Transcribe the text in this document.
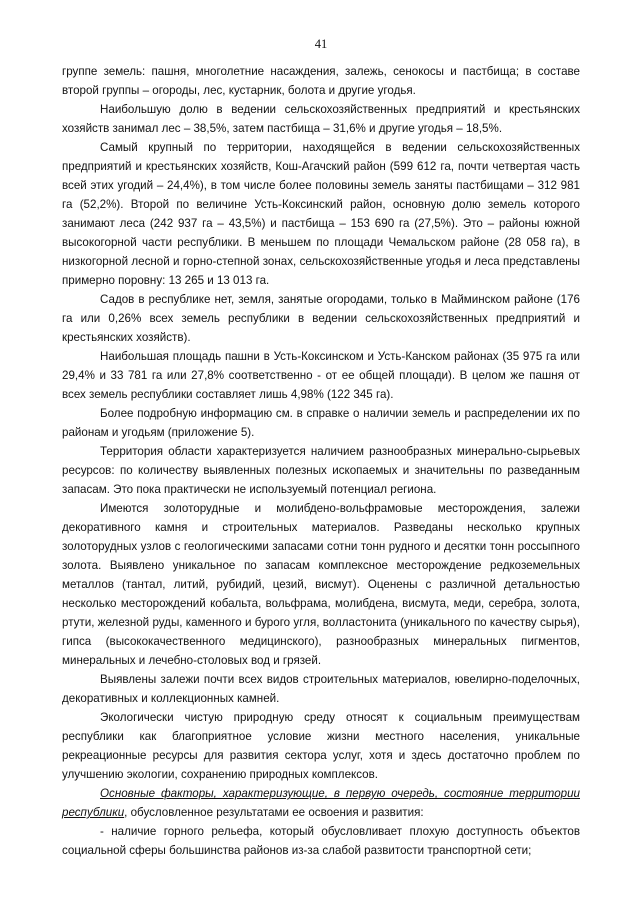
41

группе земель: пашня, многолетние насаждения, залежь, сенокосы и пастбища; в составе второй группы – огороды, лес, кустарник, болота и другие угодья.

Наибольшую долю в ведении сельскохозяйственных предприятий и крестьянских хозяйств занимал лес – 38,5%, затем пастбища – 31,6% и другие угодья – 18,5%.

Самый крупный по территории, находящейся в ведении сельскохозяйственных предприятий и крестьянских хозяйств, Кош-Агачский район (599 612 га, почти четвертая часть всей этих угодий – 24,4%), в том числе более половины земель заняты пастбищами – 312 981 га (52,2%). Второй по величине Усть-Коксинский район, основную долю земель которого занимают леса (242 937 га – 43,5%) и пастбища – 153 690 га (27,5%). Это – районы южной высокогорной части республики. В меньшем по площади Чемальском районе (28 058 га), в низкогорной лесной и горно-степной зонах, сельскохозяйственные угодья и леса представлены примерно поровну: 13 265 и 13 013 га.

Садов в республике нет, земля, занятые огородами, только в Майминском районе (176 га или 0,26% всех земель республики в ведении сельскохозяйственных предприятий и крестьянских хозяйств).

Наибольшая площадь пашни в Усть-Коксинском и Усть-Канском районах (35 975 га или 29,4% и 33 781 га или 27,8% соответственно - от ее общей площади). В целом же пашня от всех земель республики составляет лишь 4,98% (122 345 га).

Более подробную информацию см. в справке о наличии земель и распределении их по районам и угодьям (приложение 5).

Территория области характеризуется наличием разнообразных минерально-сырьевых ресурсов: по количеству выявленных полезных ископаемых и значительны по разведанным запасам. Это пока практически не используемый потенциал региона.

Имеются золоторудные и молибдено-вольфрамовые месторождения, залежи декоративного камня и строительных материалов. Разведаны несколько крупных золоторудных узлов с геологическими запасами сотни тонн рудного и десятки тонн россыпного золота. Выявлено уникальное по запасам комплексное месторождение редкоземельных металлов (тантал, литий, рубидий, цезий, висмут). Оценены с различной детальностью несколько месторождений кобальта, вольфрама, молибдена, висмута, меди, серебра, золота, ртути, железной руды, каменного и бурого угля, волластонита (уникального по качеству сырья), гипса (высококачественного медицинского), разнообразных минеральных пигментов, минеральных и лечебно-столовых вод и грязей.

Выявлены залежи почти всех видов строительных материалов, ювелирно-поделочных, декоративных и коллекционных камней.

Экологически чистую природную среду относят к социальным преимуществам республики как благоприятное условие жизни местного населения, уникальные рекреационные ресурсы для развития сектора услуг, хотя и здесь достаточно проблем по улучшению экологии, сохранению природных комплексов.

Основные факторы, характеризующие, в первую очередь, состояние территории республики, обусловленное результатами ее освоения и развития:

- наличие горного рельефа, который обусловливает плохую доступность объектов социальной сферы большинства районов из-за слабой развитости транспортной сети;
